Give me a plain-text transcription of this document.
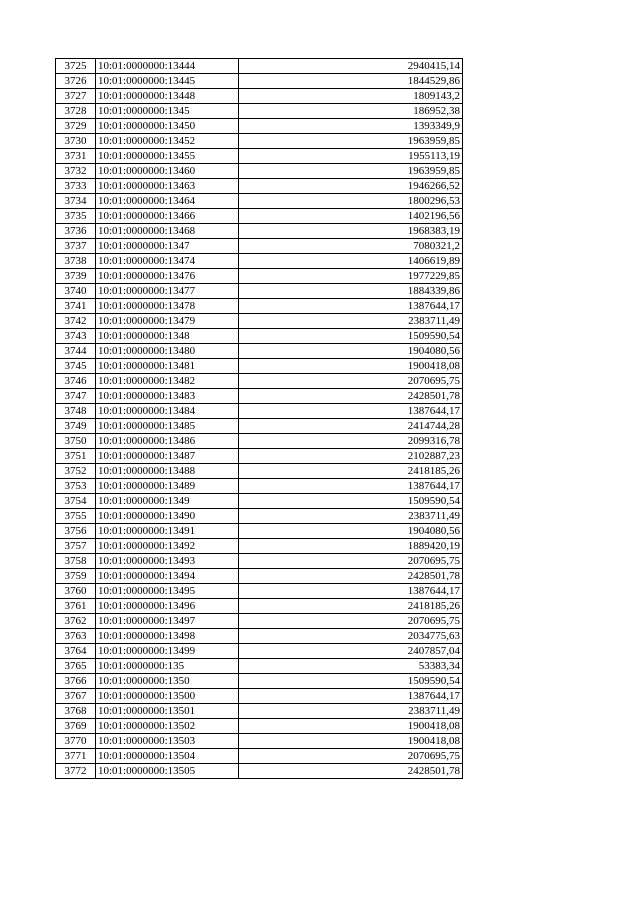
3725	10:01:0000000:13444	2940415,14
3726	10:01:0000000:13445	1844529,86
3727	10:01:0000000:13448	1809143,2
3728	10:01:0000000:1345	186952,38
3729	10:01:0000000:13450	1393349,9
3730	10:01:0000000:13452	1963959,85
3731	10:01:0000000:13455	1955113,19
3732	10:01:0000000:13460	1963959,85
3733	10:01:0000000:13463	1946266,52
3734	10:01:0000000:13464	1800296,53
3735	10:01:0000000:13466	1402196,56
3736	10:01:0000000:13468	1968383,19
3737	10:01:0000000:1347	7080321,2
3738	10:01:0000000:13474	1406619,89
3739	10:01:0000000:13476	1977229,85
3740	10:01:0000000:13477	1884339,86
3741	10:01:0000000:13478	1387644,17
3742	10:01:0000000:13479	2383711,49
3743	10:01:0000000:1348	1509590,54
3744	10:01:0000000:13480	1904080,56
3745	10:01:0000000:13481	1900418,08
3746	10:01:0000000:13482	2070695,75
3747	10:01:0000000:13483	2428501,78
3748	10:01:0000000:13484	1387644,17
3749	10:01:0000000:13485	2414744,28
3750	10:01:0000000:13486	2099316,78
3751	10:01:0000000:13487	2102887,23
3752	10:01:0000000:13488	2418185,26
3753	10:01:0000000:13489	1387644,17
3754	10:01:0000000:1349	1509590,54
3755	10:01:0000000:13490	2383711,49
3756	10:01:0000000:13491	1904080,56
3757	10:01:0000000:13492	1889420,19
3758	10:01:0000000:13493	2070695,75
3759	10:01:0000000:13494	2428501,78
3760	10:01:0000000:13495	1387644,17
3761	10:01:0000000:13496	2418185,26
3762	10:01:0000000:13497	2070695,75
3763	10:01:0000000:13498	2034775,63
3764	10:01:0000000:13499	2407857,04
3765	10:01:0000000:135	53383,34
3766	10:01:0000000:1350	1509590,54
3767	10:01:0000000:13500	1387644,17
3768	10:01:0000000:13501	2383711,49
3769	10:01:0000000:13502	1900418,08
3770	10:01:0000000:13503	1900418,08
3771	10:01:0000000:13504	2070695,75
3772	10:01:0000000:13505	2428501,78
